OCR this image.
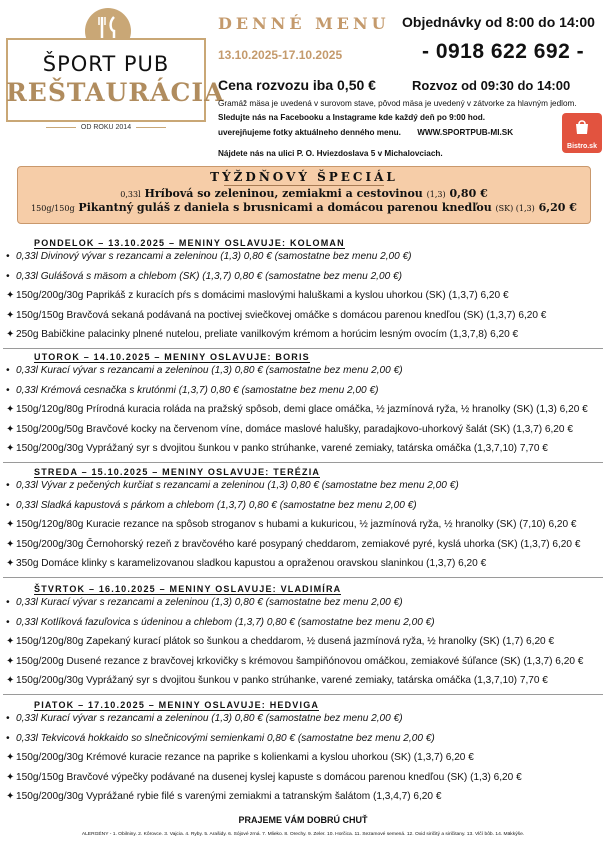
ŠPORT PUB
REŠTAURÁCIA
OD ROKU 2014
DENNÉ MENU
13.10.2025-17.10.2025
Objednávky od 8:00 do 14:00
- 0918 622 692 -
Cena rozvozu iba 0,50 €	Rozvoz od 09:30 do 14:00
Gramáž mäsa je uvedená v surovom stave, pôvod mäsa je uvedený v zátvorke za hlavným jedlom.
Sledujte nás na Facebooku a Instagrame kde každý deň po 9:00 hod.
uverejňujeme fotky aktuálneho denného menu. WWW.SPORTPUB-MI.SK
Nájdete nás na ulici P. O. Hviezdoslava 5 v Michalovciach.
Bistro.sk
TÝŽDŇOVÝ ŠPECIÁL
0,33l Hríbová so zeleninou, zemiakmi a cestovinou (1,3) 0,80 €
150g/150g Pikantný guláš z daniela s brusnicami a domácou parenou knedľou (SK) (1,3) 6,20 €
PONDELOK – 13.10.2025 – MENINY OSLAVUJE: KOLOMAN
• 0,33l Divinový vývar s rezancami a zeleninou (1,3) 0,80 € (samostatne bez menu 2,00 €)
• 0,33l Gulášová s mäsom a chlebom (SK) (1,3,7) 0,80 € (samostatne bez menu 2,00 €)
✦ 150g/200g/30g Paprikáš z kuracích pŕs s domácimi maslovými haluškami a kyslou uhorkou (SK) (1,3,7) 6,20 €
✦ 150g/150g Bravčová sekaná podávaná na poctivej sviečkovej omáčke s domácou parenou knedľou (SK) (1,3,7) 6,20 €
✦ 250g Babičkine palacinky plnené nutelou, preliate vanilkovým krémom a horúcim lesným ovocím (1,3,7,8) 6,20 €
UTOROK – 14.10.2025 – MENINY OSLAVUJE: BORIS
• 0,33l Kurací vývar s rezancami a zeleninou (1,3) 0,80 € (samostatne bez menu 2,00 €)
• 0,33l Krémová cesnačka s krutónmi (1,3,7) 0,80 € (samostatne bez menu 2,00 €)
✦ 150g/120g/80g Prírodná kuracia roláda na pražský spôsob, demi glace omáčka, ½ jazmínová ryža, ½ hranolky (SK) (1,3) 6,20 €
✦ 150g/200g/50g Bravčové kocky na červenom víne, domáce maslové halušky, paradajkovo-uhorkový šalát (SK) (1,3,7) 6,20 €
✦ 150g/200g/30g Vyprážaný syr s dvojitou šunkou v panko strúhanke, varené zemiaky, tatárska omáčka (1,3,7,10) 7,70 €
STREDA – 15.10.2025 – MENINY OSLAVUJE: TERÉZIA
• 0,33l Vývar z pečených kurčiat s rezancami a zeleninou (1,3) 0,80 € (samostatne bez menu 2,00 €)
• 0,33l Sladká kapustová s párkom a chlebom (1,3,7) 0,80 € (samostatne bez menu 2,00 €)
✦ 150g/120g/80g Kuracie rezance na spôsob stroganov s hubami a kukuricou, ½ jazmínová ryža, ½ hranolky (SK) (7,10) 6,20 €
✦ 150g/200g/30g Černohorský rezeň z bravčového karé posypaný cheddarom, zemiakové pyré, kyslá uhorka (SK) (1,3,7) 6,20 €
✦ 350g Domáce klinky s karamelizovanou sladkou kapustou a opraženou oravskou slaninkou (1,3,7) 6,20 €
ŠTVRTOK – 16.10.2025 – MENINY OSLAVUJE: VLADIMÍRA
• 0,33l Kurací vývar s rezancami a zeleninou (1,3) 0,80 € (samostatne bez menu 2,00 €)
• 0,33l Kotlíková fazuľovica s údeninou a chlebom (1,3,7) 0,80 € (samostatne bez menu 2,00 €)
✦ 150g/120g/80g Zapekaný kurací plátok so šunkou a cheddarom, ½ dusená jazmínová ryža, ½ hranolky (SK) (1,7) 6,20 €
✦ 150g/200g Dusené rezance z bravčovej krkovičky s krémovou šampiňónovou omáčkou, zemiakové šúľance (SK) (1,3,7) 6,20 €
✦ 150g/200g/30g Vyprážaný syr s dvojitou šunkou v panko strúhanke, varené zemiaky, tatárska omáčka (1,3,7,10) 7,70 €
PIATOK – 17.10.2025 – MENINY OSLAVUJE: HEDVIGA
• 0,33l Kurací vývar s rezancami a zeleninou (1,3) 0,80 € (samostatne bez menu 2,00 €)
• 0,33l Tekvicová hokkaido so slnečnicovými semienkami 0,80 € (samostatne bez menu 2,00 €)
✦ 150g/200g/30g Krémové kuracie rezance na paprike s kolienkami a kyslou uhorkou (SK) (1,3,7) 6,20 €
✦ 150g/150g Bravčové výpečky podávané na dusenej kyslej kapuste s domácou parenou knedľou (SK) (1,3) 6,20 €
✦ 150g/200g/30g Vyprážané rybie filé s varenými zemiakmi a tatranským šalátom (1,3,4,7) 6,20 €
PRAJEME VÁM DOBRÚ CHUŤ
ALERGÉNY - 1. Obilniny. 2. Kôrovce. 3. Vajcia. 4. Ryby. 5. Arašidy. 6. Sójové zrná. 7. Mlieko. 8. Orechy. 9. Zeler. 10. Horčica. 11. Sezamové semená. 12. Oxid siričitý a siričitany. 13. Vlčí bôb. 14. Mäkkýše.
